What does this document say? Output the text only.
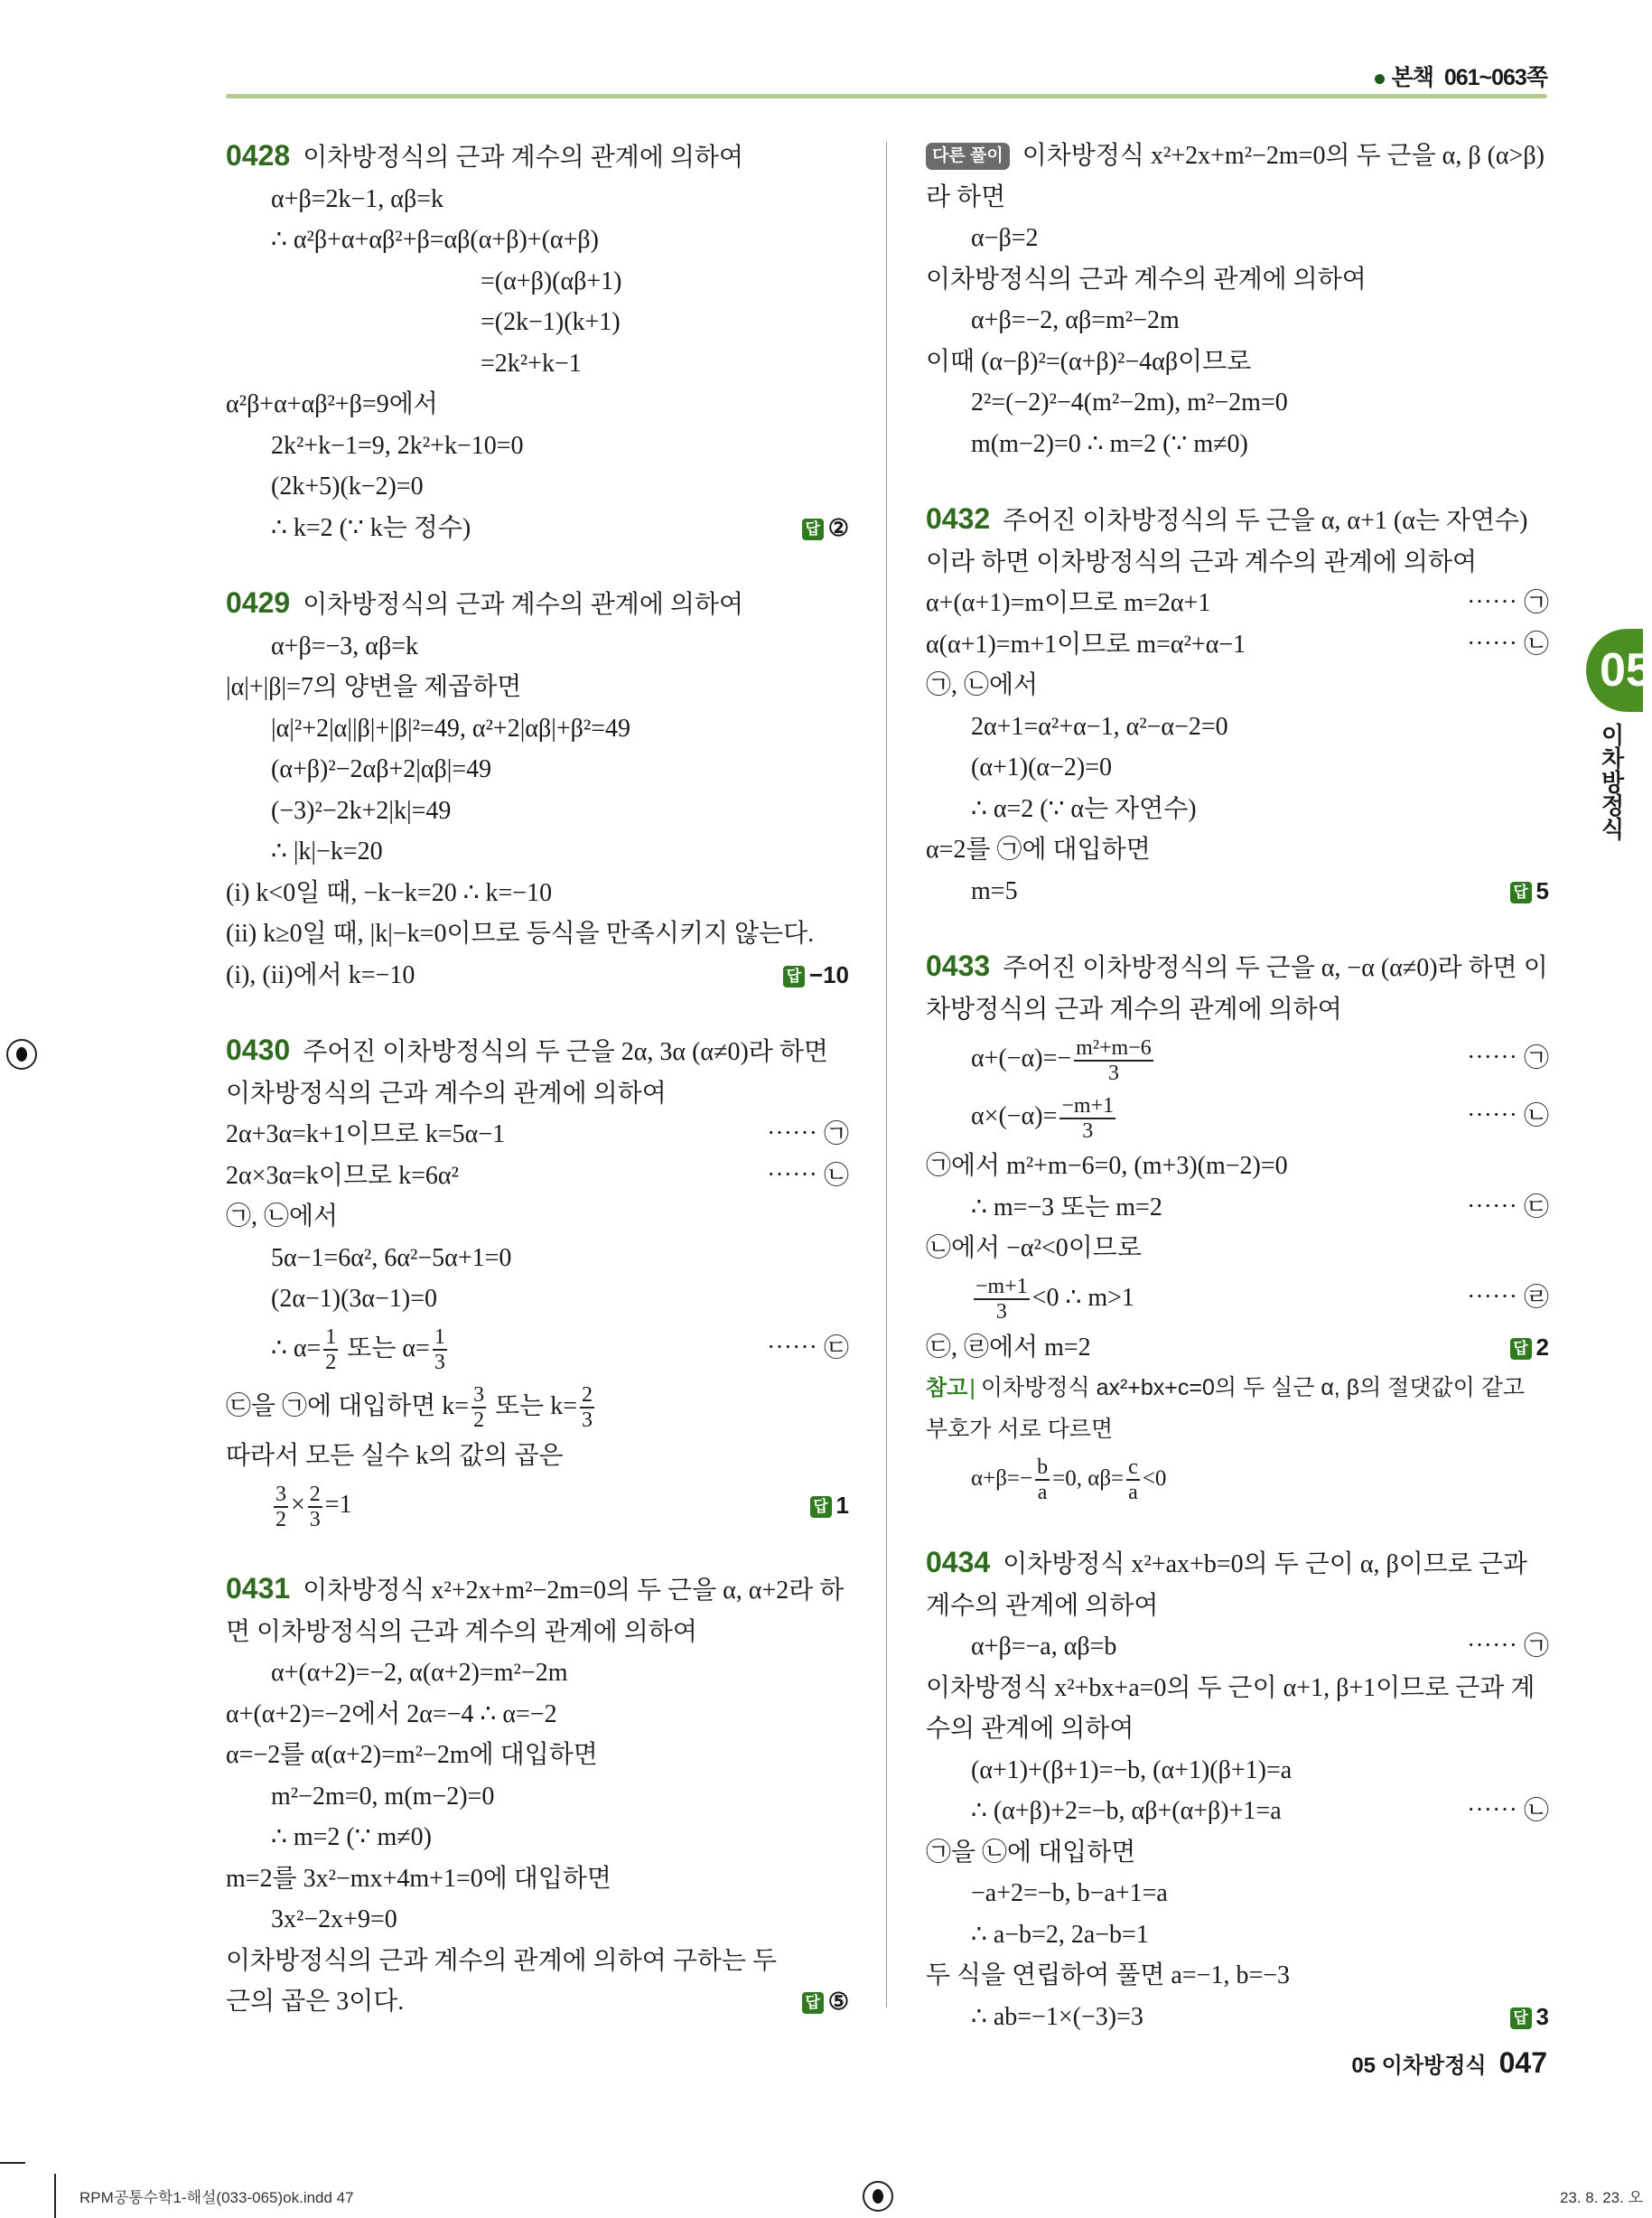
본책 061~063쪽
0428 이차방정식의 근과 계수의 관계에 의하여
α+β=2k−1, αβ=k
∴ α²β+α+αβ²+β=αβ(α+β)+(α+β)
=(α+β)(αβ+1)
=(2k−1)(k+1)
=2k²+k−1
α²β+α+αβ²+β=9에서
2k²+k−1=9, 2k²+k−10=0
(2k+5)(k−2)=0
∴ k=2 (∵ k는 정수)	답 ②
0429 이차방정식의 근과 계수의 관계에 의하여
α+β=−3, αβ=k
|α|+|β|=7의 양변을 제곱하면
|α|²+2|α||β|+|β|²=49, α²+2|αβ|+β²=49
(α+β)²−2αβ+2|αβ|=49
(−3)²−2k+2|k|=49
∴ |k|−k=20
(i) k<0일 때, −k−k=20 ∴ k=−10
(ii) k≥0일 때, |k|−k=0이므로 등식을 만족시키지 않는다.
(i), (ii)에서 k=−10	답 −10
0430 주어진 이차방정식의 두 근을 2α, 3α (α≠0)라 하면 이차방정식의 근과 계수의 관계에 의하여
2α+3α=k+1이므로 k=5α−1	⋯⋯ ㉠
2α×3α=k이므로 k=6α²	⋯⋯ ㉡
㉠, ㉡에서
5α−1=6α², 6α²−5α+1=0
(2α−1)(3α−1)=0
∴ $\alpha= \frac{1}{2}$ 또는 $\alpha= \frac{1}{3}$	⋯⋯ ㉢
㉢을 ㉠에 대입하면 $k= \frac{3}{2}$ 또는 $k= \frac{2}{3}$
따라서 모든 실수 k의 값의 곱은
$\frac{3}{2} \times \frac{2}{3} =1$	답 1
0431 이차방정식 x²+2x+m²−2m=0의 두 근을 α, α+2라 하면 이차방정식의 근과 계수의 관계에 의하여
α+(α+2)=−2, α(α+2)=m²−2m
α+(α+2)=−2에서 2α=−4 ∴ α=−2
α=−2를 α(α+2)=m²−2m에 대입하면
m²−2m=0, m(m−2)=0
∴ m=2 (∵ m≠0)
m=2를 3x²−mx+4m+1=0에 대입하면
3x²−2x+9=0
이차방정식의 근과 계수의 관계에 의하여 구하는 두 근의 곱은 3이다.	답 ⑤
다른 풀이 이차방정식 x²+2x+m²−2m=0의 두 근을 α, β (α>β)라 하면
α−β=2
이차방정식의 근과 계수의 관계에 의하여
α+β=−2, αβ=m²−2m
이때 (α−β)²=(α+β)²−4αβ이므로
2²=(−2)²−4(m²−2m), m²−2m=0
m(m−2)=0 ∴ m=2 (∵ m≠0)
0432 주어진 이차방정식의 두 근을 α, α+1 (α는 자연수)이라 하면 이차방정식의 근과 계수의 관계에 의하여
α+(α+1)=m이므로 m=2α+1	⋯⋯ ㉠
α(α+1)=m+1이므로 m=α²+α−1	⋯⋯ ㉡
㉠, ㉡에서
2α+1=α²+α−1, α²−α−2=0
(α+1)(α−2)=0
∴ α=2 (∵ α는 자연수)
α=2를 ㉠에 대입하면
m=5	답 5
0433 주어진 이차방정식의 두 근을 α, −α (α≠0)라 하면 이차방정식의 근과 계수의 관계에 의하여
$\alpha+(-\alpha)=- \frac{\text{m²+m−6}}{3}$	⋯⋯ ㉠
$\alpha\times(-\alpha)= \frac{-m+1}{3}$	⋯⋯ ㉡
㉠에서 m²+m−6=0, (m+3)(m−2)=0
∴ m=−3 또는 m=2	⋯⋯ ㉢
㉡에서 −α²<0이므로
$\frac{-m+1}{3} <0$ ∴ m>1	⋯⋯ ㉣
㉢, ㉣에서 m=2	답 2
참고| 이차방정식 ax²+bx+c=0의 두 실근 α, β의 절댓값이 같고 부호가 서로 다르면
$\alpha+\beta=- \frac{b}{a} =0$, $\alpha\beta= \frac{c}{a} <0$
0434 이차방정식 x²+ax+b=0의 두 근이 α, β이므로 근과 계수의 관계에 의하여
α+β=−a, αβ=b	⋯⋯ ㉠
이차방정식 x²+bx+a=0의 두 근이 α+1, β+1이므로 근과 계수의 관계에 의하여
(α+1)+(β+1)=−b, (α+1)(β+1)=a
∴ (α+β)+2=−b, αβ+(α+β)+1=a	⋯⋯ ㉡
㉠을 ㉡에 대입하면
−a+2=−b, b−a+1=a
∴ a−b=2, 2a−b=1
두 식을 연립하여 풀면 a=−1, b=−3
∴ ab=−1×(−3)=3	답 3
05
이차방정식
05 이차방정식 047
RPM공통수학1-해설(033-065)ok.indd 47	23. 8. 23. 오
